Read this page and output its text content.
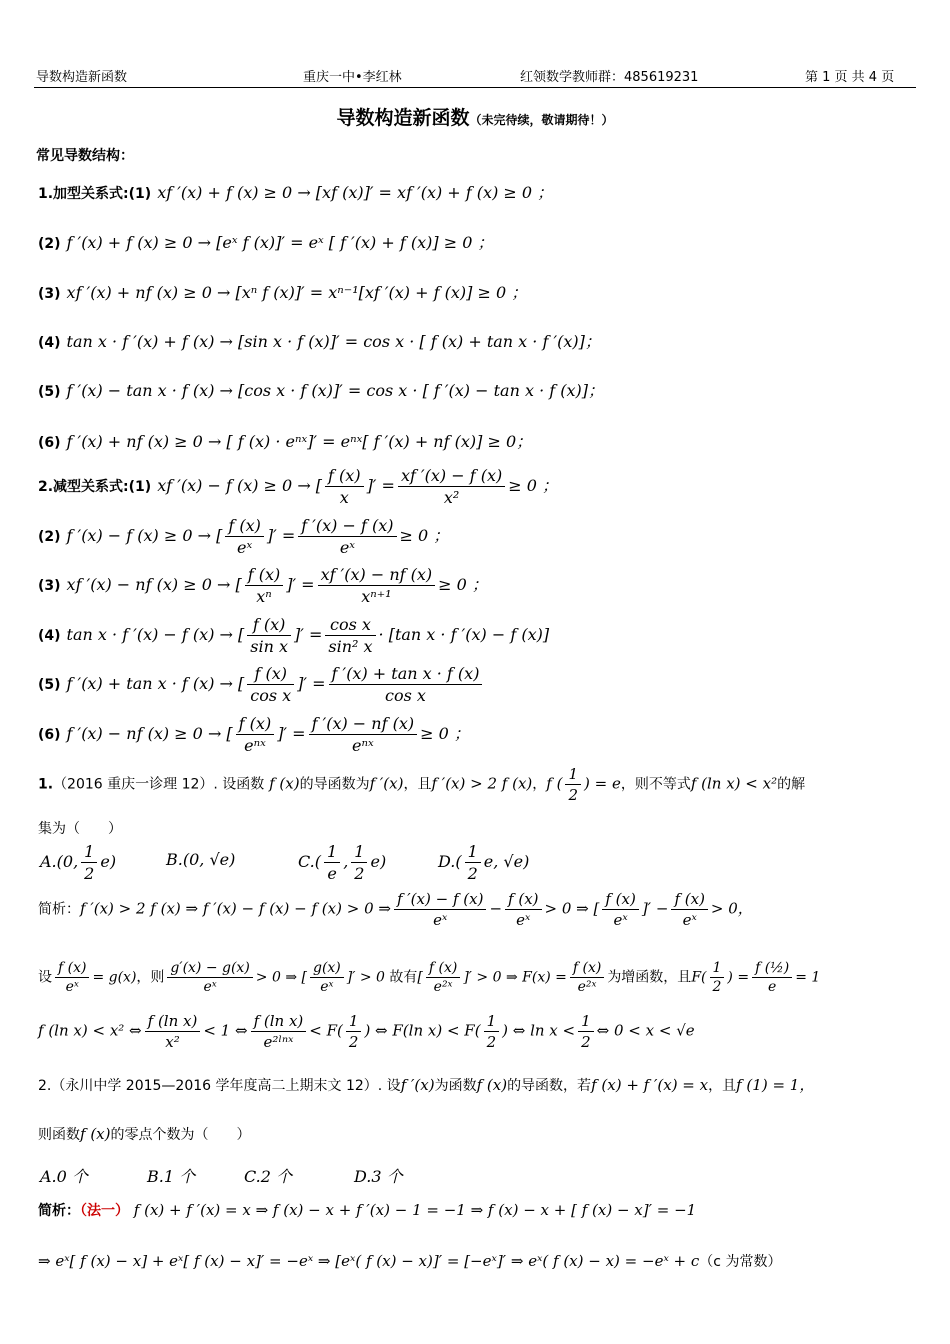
导数构造新函数	重庆一中•李红林	红领数学教师群：485619231	第 1 页 共 4 页
导数构造新函数（未完待续，敬请期待！）
常见导数结构：
1.加型关系式:(1) xf ′(x) + f (x) ≥ 0 → [xf (x)]′ = xf ′(x) + f (x) ≥ 0 ；
(2) f ′(x) + f (x) ≥ 0 → [eˣ f (x)]′ = eˣ [ f ′(x) + f (x)] ≥ 0 ；
(3) xf ′(x) + nf (x) ≥ 0 → [xⁿ f (x)]′ = xⁿ⁻¹[xf ′(x) + f (x)] ≥ 0 ；
(4) tan x · f ′(x) + f (x) → [sin x · f (x)]′ = cos x · [ f (x) + tan x · f ′(x)]；
(5) f ′(x) − tan x · f (x) → [cos x · f (x)]′ = cos x · [ f ′(x) − tan x · f (x)]；
(6) f ′(x) + nf (x) ≥ 0 → [ f (x) · eⁿˣ]′ = eⁿˣ[ f ′(x) + nf (x)] ≥ 0；
2.减型关系式:(1) xf ′(x) − f (x) ≥ 0 → [ $\frac{f (x)}{x}$ ]′ = $\frac{xf '(x) - f (x)}{\text{x²}} \ge 0$ ；
(2) f ′(x) − f (x) ≥ 0 → [ $\frac{f (x)}{\text{eˣ}}$ ]′ = $\frac{f '(x) - f (x)}{\text{eˣ}} \ge 0$ ；
(3) xf ′(x) − nf (x) ≥ 0 → [ $\frac{f (x)}{\text{xⁿ}}$ ]′ = $\frac{xf '(x) - nf (x)}{\text{xⁿ⁺¹}} \ge 0$ ；
(4) tan x · f ′(x) − f (x) → [ $\frac{f (x)}{\text{sin x}}$ ]′ = $\frac{\text{cos x}}{\text{sin² x}} \cdot [\tan$ x · f ′(x) − f (x)]
(5) f ′(x) + tan x · f (x) → [ $\frac{f (x)}{\text{cos x}}$ ]′ = $\frac{\text{f ′(x) + tan x · f (x)}}{\text{cos x}}$
(6) f ′(x) − nf (x) ≥ 0 → [ $\frac{f (x)}{\text{eⁿˣ}}$ ]′ = $\frac{f '(x) - nf (x)}{\text{eⁿˣ}} \ge 0$ ；
1.（2016 重庆一诊理 12）. 设函数 f (x)的导函数为f ′(x)，且f ′(x) > 2 f (x)，f ( $\frac{1}{2}$ ) = e，则不等式f (ln x) < x²的解
集为（　　）
A.(0, $\frac{1}{2} e$)	B.(0, √e)	$C.( \frac{1}{e}$ , $\frac{1}{2} e$)	$D.( \frac{1}{2} e$, √e)
简析：f ′(x) > 2 f (x) ⇒ f ′(x) − f (x) − f (x) > 0 ⇒ $\frac{f '(x) - f (x)}{\text{eˣ}} - \frac{f (x)}{\text{eˣ}} > 0$ ⇒ [ $\frac{f (x)}{\text{eˣ}}$ ]′ − $\frac{f (x)}{\text{eˣ}} > 0$，
设 $\frac{f (x)}{\text{eˣ}} = g(x)$，则 $\frac{g'(x) - g(x)}{\text{eˣ}} > 0$ ⇒ [ $\frac{g(x)}{\text{eˣ}}$ ]′ > 0 故有[ $\frac{f (x)}{\text{e²ˣ}}$ ]′ > 0 ⇒ $F(x) = \frac{f (x)}{\text{e²ˣ}}$ 为增函数，且$F( \frac{1}{2}$ ) = $\frac{\text{f (½)}}{e} = 1$
f (ln x) < x² ⇔ $\frac{\text{f (ln x)}}{\text{x²}} < 1$ ⇔ $\frac{\text{f (ln x)}}{\text{e²ˡⁿˣ}} < F( \frac{1}{2}$ ) ⇔ F(ln $x) < F( \frac{1}{2}$ ) ⇔ $\ln x < \frac{1}{2}$ ⇔ 0 < x < √e
2.（永川中学 2015—2016 学年度高二上期末文 12）. 设f ′(x)为函数f (x)的导函数，若f (x) + f ′(x) = x，且f (1) = 1，
则函数f (x)的零点个数为（　　）
A.0 个	B.1 个	C.2 个	D.3 个
简析：（法一） f (x) + f ′(x) = x ⇒ f (x) − x + f ′(x) − 1 = −1 ⇒ f (x) − x + [ f (x) − x]′ = −1
⇒ eˣ[ f (x) − x] + eˣ[ f (x) − x]′ = −eˣ ⇒ [eˣ( f (x) − x)]′ = [−eˣ]′ ⇒ eˣ( f (x) − x) = −eˣ + c（c 为常数）
